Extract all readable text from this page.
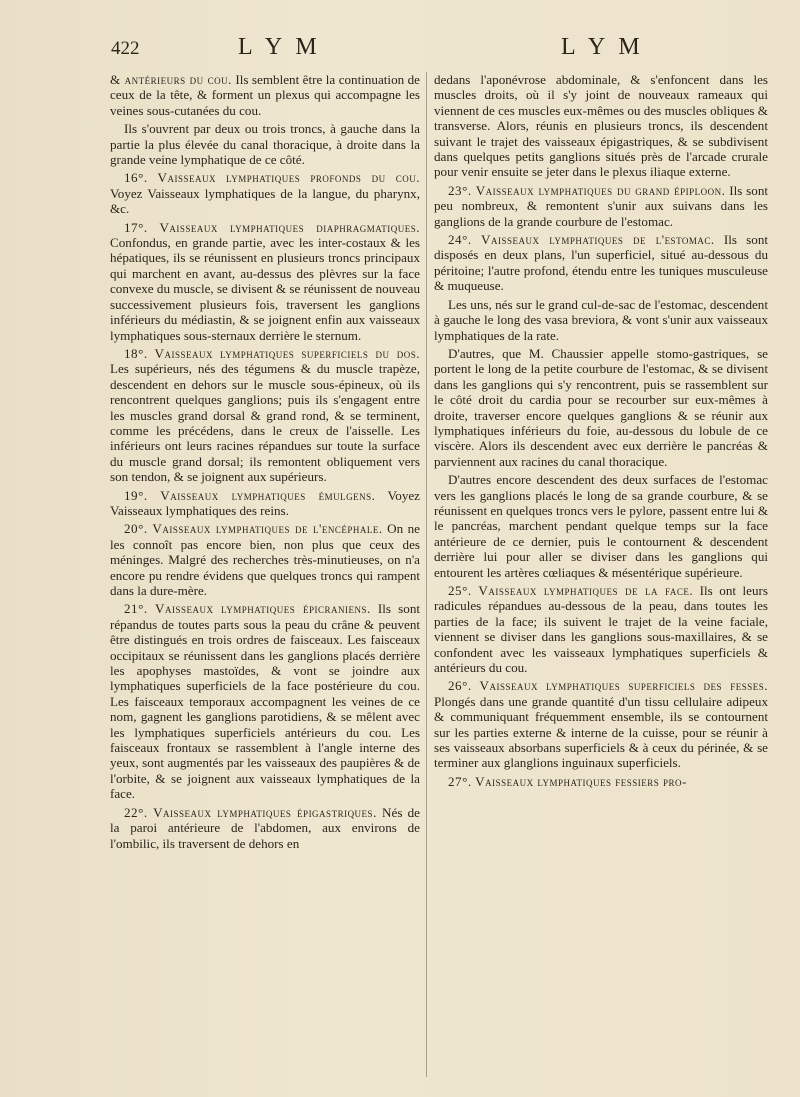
422	L Y M	L Y M

& antérieurs du cou. Ils semblent être la continuation de ceux de la tête, & forment un plexus qui accompagne les veines sous-cutanées du cou.

Ils s'ouvrent par deux ou trois troncs, à gauche dans la partie la plus élevée du canal thoracique, à droite dans la grande veine lymphatique de ce côté.

16°. Vaisseaux lymphatiques profonds du cou. Voyez Vaisseaux lymphatiques de la langue, du pharynx, &c.

17°. Vaisseaux lymphatiques diaphragmatiques. Confondus, en grande partie, avec les inter-costaux & les hépatiques, ils se réunissent en plusieurs troncs principaux qui marchent en avant, au-dessus des plèvres sur la face convexe du muscle, se divisent & se réunissent de nouveau successivement plusieurs fois, traversent les ganglions inférieurs du médiastin, & se joignent enfin aux vaisseaux lymphatiques sous-sternaux derrière le sternum.

18°. Vaisseaux lymphatiques superficiels du dos. Les supérieurs, nés des tégumens & du muscle trapèze, descendent en dehors sur le muscle sous-épineux, où ils rencontrent quelques ganglions; puis ils s'engagent entre les muscles grand dorsal & grand rond, & se terminent, comme les précédens, dans le creux de l'aisselle. Les inférieurs ont leurs racines répandues sur toute la surface du muscle grand dorsal; ils remontent obliquement vers son tendon, & se joignent aux supérieurs.

19°. Vaisseaux lymphatiques émulgens. Voyez Vaisseaux lymphatiques des reins.

20°. Vaisseaux lymphatiques de l'encéphale. On ne les connoît pas encore bien, non plus que ceux des méninges. Malgré des recherches très-minutieuses, on n'a encore pu rendre évidens que quelques troncs qui rampent dans la dure-mère.

21°. Vaisseaux lymphatiques épicraniens. Ils sont répandus de toutes parts sous la peau du crâne & peuvent être distingués en trois ordres de faisceaux. Les faisceaux occipitaux se réunissent dans les ganglions placés derrière les apophyses mastoïdes, & vont se joindre aux lymphatiques superficiels de la face postérieure du cou. Les faisceaux temporaux accompagnent les veines de ce nom, gagnent les ganglions parotidiens, & se mêlent avec les lymphatiques superficiels antérieurs du cou. Les faisceaux frontaux se rassemblent à l'angle interne des yeux, sont augmentés par les vaisseaux des paupières & de l'orbite, & se joignent aux vaisseaux lymphatiques de la face.

22°. Vaisseaux lymphatiques épigastriques. Nés de la paroi antérieure de l'abdomen, aux environs de l'ombilic, ils traversent de dehors en

dedans l'aponévrose abdominale, & s'enfoncent dans les muscles droits, où il s'y joint de nouveaux rameaux qui viennent de ces muscles eux-mêmes ou des muscles obliques & transverse. Alors, réunis en plusieurs troncs, ils descendent suivant le trajet des vaisseaux épigastriques, & se subdivisent dans quelques petits ganglions situés près de l'arcade crurale pour venir ensuite se jeter dans le plexus iliaque externe.

23°. Vaisseaux lymphatiques du grand épiploon. Ils sont peu nombreux, & remontent s'unir aux suivans dans les ganglions de la grande courbure de l'estomac.

24°. Vaisseaux lymphatiques de l'estomac. Ils sont disposés en deux plans, l'un superficiel, situé au-dessous du péritoine; l'autre profond, étendu entre les tuniques musculeuse & muqueuse.

Les uns, nés sur le grand cul-de-sac de l'estomac, descendent à gauche le long des vasa breviora, & vont s'unir aux vaisseaux lymphatiques de la rate.

D'autres, que M. Chaussier appelle stomo-gastriques, se portent le long de la petite courbure de l'estomac, & se divisent dans les ganglions qui s'y rencontrent, puis se rassemblent sur le côté droit du cardia pour se recourber sur eux-mêmes à droite, traverser encore quelques ganglions & se réunir aux lymphatiques inférieurs du foie, au-dessous du lobule de ce viscère. Alors ils descendent avec eux derrière le pancréas & parviennent aux racines du canal thoracique.

D'autres encore descendent des deux surfaces de l'estomac vers les ganglions placés le long de sa grande courbure, & se réunissent en quelques troncs vers le pylore, passent entre lui & le pancréas, marchent pendant quelque temps sur la face antérieure de ce dernier, puis le contournent & descendent derrière lui pour aller se diviser dans les ganglions qui entourent les artères cœliaques & mésentérique supérieure.

25°. Vaisseaux lymphatiques de la face. Ils ont leurs radicules répandues au-dessous de la peau, dans toutes les parties de la face; ils suivent le trajet de la veine faciale, viennent se diviser dans les ganglions sous-maxillaires, & se confondent avec les vaisseaux lymphatiques superficiels & antérieurs du cou.

26°. Vaisseaux lymphatiques superficiels des fesses. Plongés dans une grande quantité d'un tissu cellulaire adipeux & communiquant fréquemment ensemble, ils se contournent sur les parties externe & interne de la cuisse, pour se réunir à ses vaisseaux absorbans superficiels & à ceux du périnée, & se terminer aux glanglions inguinaux superficiels.

27°. Vaisseaux lymphatiques fessiers pro-
